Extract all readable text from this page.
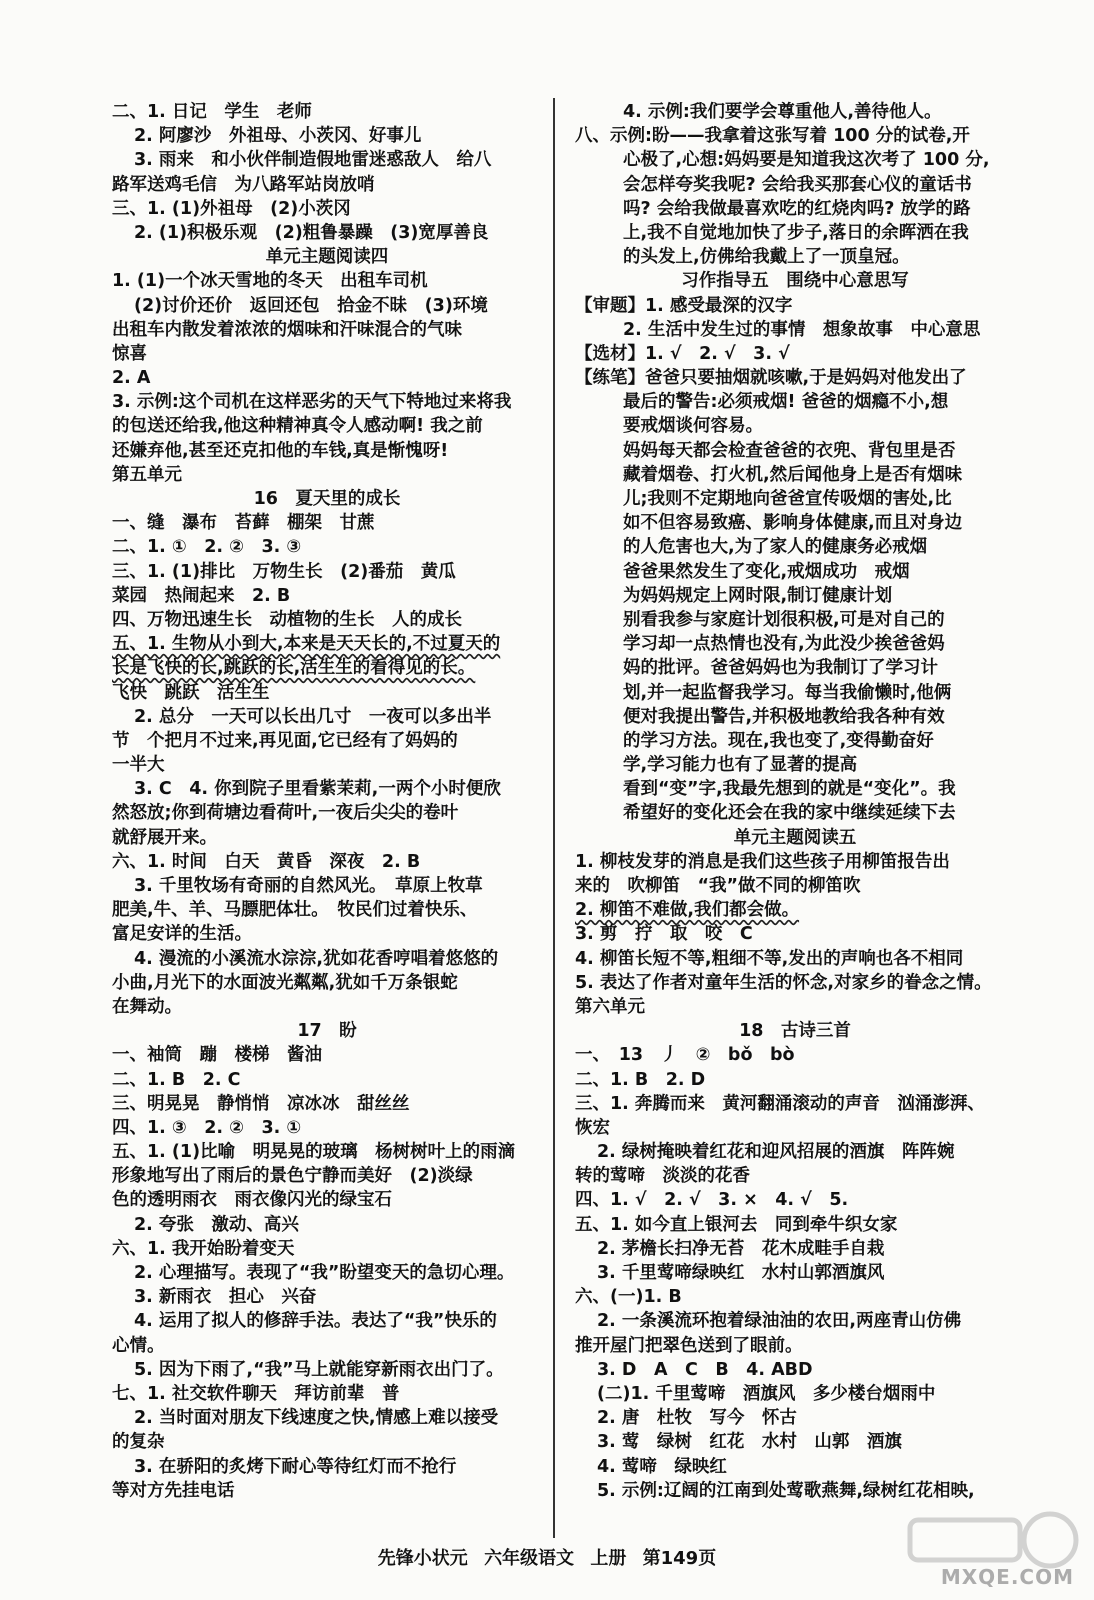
二、1. 日记　学生　老师
2. 阿廖沙　外祖母、小茨冈、好事儿
3. 雨来　和小伙伴制造假地雷迷惑敌人　给八
路军送鸡毛信　为八路军站岗放哨
三、1. (1)外祖母　(2)小茨冈
2. (1)积极乐观　(2)粗鲁暴躁　(3)宽厚善良
单元主题阅读四
1. (1)一个冰天雪地的冬天　出租车司机
(2)讨价还价　返回还包　拾金不昧　(3)环境
出租车内散发着浓浓的烟味和汗味混合的气味
惊喜
2. A
3. 示例:这个司机在这样恶劣的天气下特地过来将我
的包送还给我,他这种精神真令人感动啊! 我之前
还嫌弃他,甚至还克扣他的车钱,真是惭愧呀!
第五单元
16　夏天里的成长
一、缝　瀑布　苔藓　棚架　甘蔗
二、1. ①　2. ②　3. ③
三、1. (1)排比　万物生长　(2)番茄　黄瓜
菜园　热闹起来　2. B
四、万物迅速生长　动植物的生长　人的成长
五、1. 生物从小到大,本来是天天长的,不过夏天的
长是飞快的长,跳跃的长,活生生的看得见的长。
飞快　跳跃　活生生
2. 总分　一天可以长出几寸　一夜可以多出半
节　个把月不过来,再见面,它已经有了妈妈的
一半大
3. C　4. 你到院子里看紫茉莉,一两个小时便欣
然怒放;你到荷塘边看荷叶,一夜后尖尖的卷叶
就舒展开来。
六、1. 时间　白天　黄昏　深夜　2. B
3. 千里牧场有奇丽的自然风光。　草原上牧草
肥美,牛、羊、马膘肥体壮。　牧民们过着快乐、
富足安详的生活。
4. 漫流的小溪流水淙淙,犹如花香哼唱着悠悠的
小曲,月光下的水面波光粼粼,犹如千万条银蛇
在舞动。
17　盼
一、袖筒　蹦　楼梯　酱油
二、1. B　2. C
三、明晃晃　静悄悄　凉冰冰　甜丝丝
四、1. ③　2. ②　3. ①
五、1. (1)比喻　明晃晃的玻璃　杨树树叶上的雨滴
形象地写出了雨后的景色宁静而美好　(2)淡绿
色的透明雨衣　雨衣像闪光的绿宝石
2. 夸张　激动、高兴
六、1. 我开始盼着变天
2. 心理描写。表现了“我”盼望变天的急切心理。
3. 新雨衣　担心　兴奋
4. 运用了拟人的修辞手法。表达了“我”快乐的
心情。
5. 因为下雨了,“我”马上就能穿新雨衣出门了。
七、1. 社交软件聊天　拜访前辈　普
2. 当时面对朋友下线速度之快,情感上难以接受
的复杂
3. 在骄阳的炙烤下耐心等待红灯而不抢行
等对方先挂电话
4. 示例:我们要学会尊重他人,善待他人。
八、示例:盼——我拿着这张写着 100 分的试卷,开
心极了,心想:妈妈要是知道我这次考了 100 分,
会怎样夸奖我呢? 会给我买那套心仪的童话书
吗? 会给我做最喜欢吃的红烧肉吗? 放学的路
上,我不自觉地加快了步子,落日的余晖洒在我
的头发上,仿佛给我戴上了一顶皇冠。
习作指导五　围绕中心意思写
【审题】1. 感受最深的汉字
2. 生活中发生过的事情　想象故事　中心意思
【选材】1. √　2. √　3. √
【练笔】爸爸只要抽烟就咳嗽,于是妈妈对他发出了
最后的警告:必须戒烟! 爸爸的烟瘾不小,想
要戒烟谈何容易。
妈妈每天都会检查爸爸的衣兜、背包里是否
藏着烟卷、打火机,然后闻他身上是否有烟味
儿;我则不定期地向爸爸宣传吸烟的害处,比
如不但容易致癌、影响身体健康,而且对身边
的人危害也大,为了家人的健康务必戒烟
爸爸果然发生了变化,戒烟成功　戒烟
为妈妈规定上网时限,制订健康计划
别看我参与家庭计划很积极,可是对自己的
学习却一点热情也没有,为此没少挨爸爸妈
妈的批评。爸爸妈妈也为我制订了学习计
划,并一起监督我学习。每当我偷懒时,他俩
便对我提出警告,并积极地教给我各种有效
的学习方法。现在,我也变了,变得勤奋好
学,学习能力也有了显著的提高
看到“变”字,我最先想到的就是“变化”。我
希望好的变化还会在我的家中继续延续下去
单元主题阅读五
1. 柳枝发芽的消息是我们这些孩子用柳笛报告出
来的　吹柳笛　“我”做不同的柳笛吹
2. 柳笛不难做,我们都会做。
3. 剪　拧　取　咬　C
4. 柳笛长短不等,粗细不等,发出的声响也各不相同
5. 表达了作者对童年生活的怀念,对家乡的眷念之情。
第六单元
18　古诗三首
一、　13　丿　②　bǒ　bò
二、1. B　2. D
三、1. 奔腾而来　黄河翻涌滚动的声音　汹涌澎湃、
恢宏
2. 绿树掩映着红花和迎风招展的酒旗　阵阵婉
转的莺啼　淡淡的花香
四、1. √　2. √　3. ×　4. √　5.
五、1. 如今直上银河去　同到牵牛织女家
2. 茅檐长扫净无苔　花木成畦手自栽
3. 千里莺啼绿映红　水村山郭酒旗风
六、(一)1. B
2. 一条溪流环抱着绿油油的农田,两座青山仿佛
推开屋门把翠色送到了眼前。
3. D　A　C　B　4. ABD
(二)1. 千里莺啼　酒旗风　多少楼台烟雨中
2. 唐　杜牧　写今　怀古
3. 莺　绿树　红花　水村　山郭　酒旗
4. 莺啼　绿映红
5. 示例:辽阔的江南到处莺歌燕舞,绿树红花相映,
先锋小状元 六年级语文 上册 第149页
MXQE.COM
